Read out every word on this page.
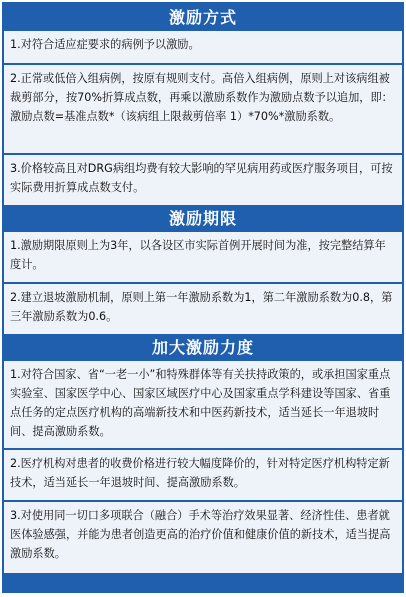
激励方式
1.对符合适应症要求的病例予以激励。
2.正常或低倍入组病例，按原有规则支付。高倍入组病例，原则上对该病组被裁剪部分，按70%折算成点数，再乘以激励系数作为激励点数予以追加，即：激励点数=基准点数*（该病组上限裁剪倍率 1）*70%*激励系数。
3.价格较高且对DRG病组均费有较大影响的罕见病用药或医疗服务项目，可按实际费用折算成点数支付。
激励期限
1.激励期限原则上为3年，以各设区市实际首例开展时间为准，按完整结算年度计。
2.建立退坡激励机制，原则上第一年激励系数为1，第二年激励系数为0.8，第三年激励系数为0.6。
加大激励力度
1.对符合国家、省“一老一小”和特殊群体等有关扶持政策的，或承担国家重点实验室、国家医学中心、国家区域医疗中心及国家重点学科建设等国家、省重点任务的定点医疗机构的高端新技术和中医药新技术，适当延长一年退坡时间、提高激励系数。
2.医疗机构对患者的收费价格进行较大幅度降价的，针对特定医疗机构特定新技术，适当延长一年退坡时间、提高激励系数。
3.对使用同一切口多项联合（融合）手术等治疗效果显著、经济性佳、患者就医体验感强，并能为患者创造更高的治疗价值和健康价值的新技术，适当提高激励系数。
